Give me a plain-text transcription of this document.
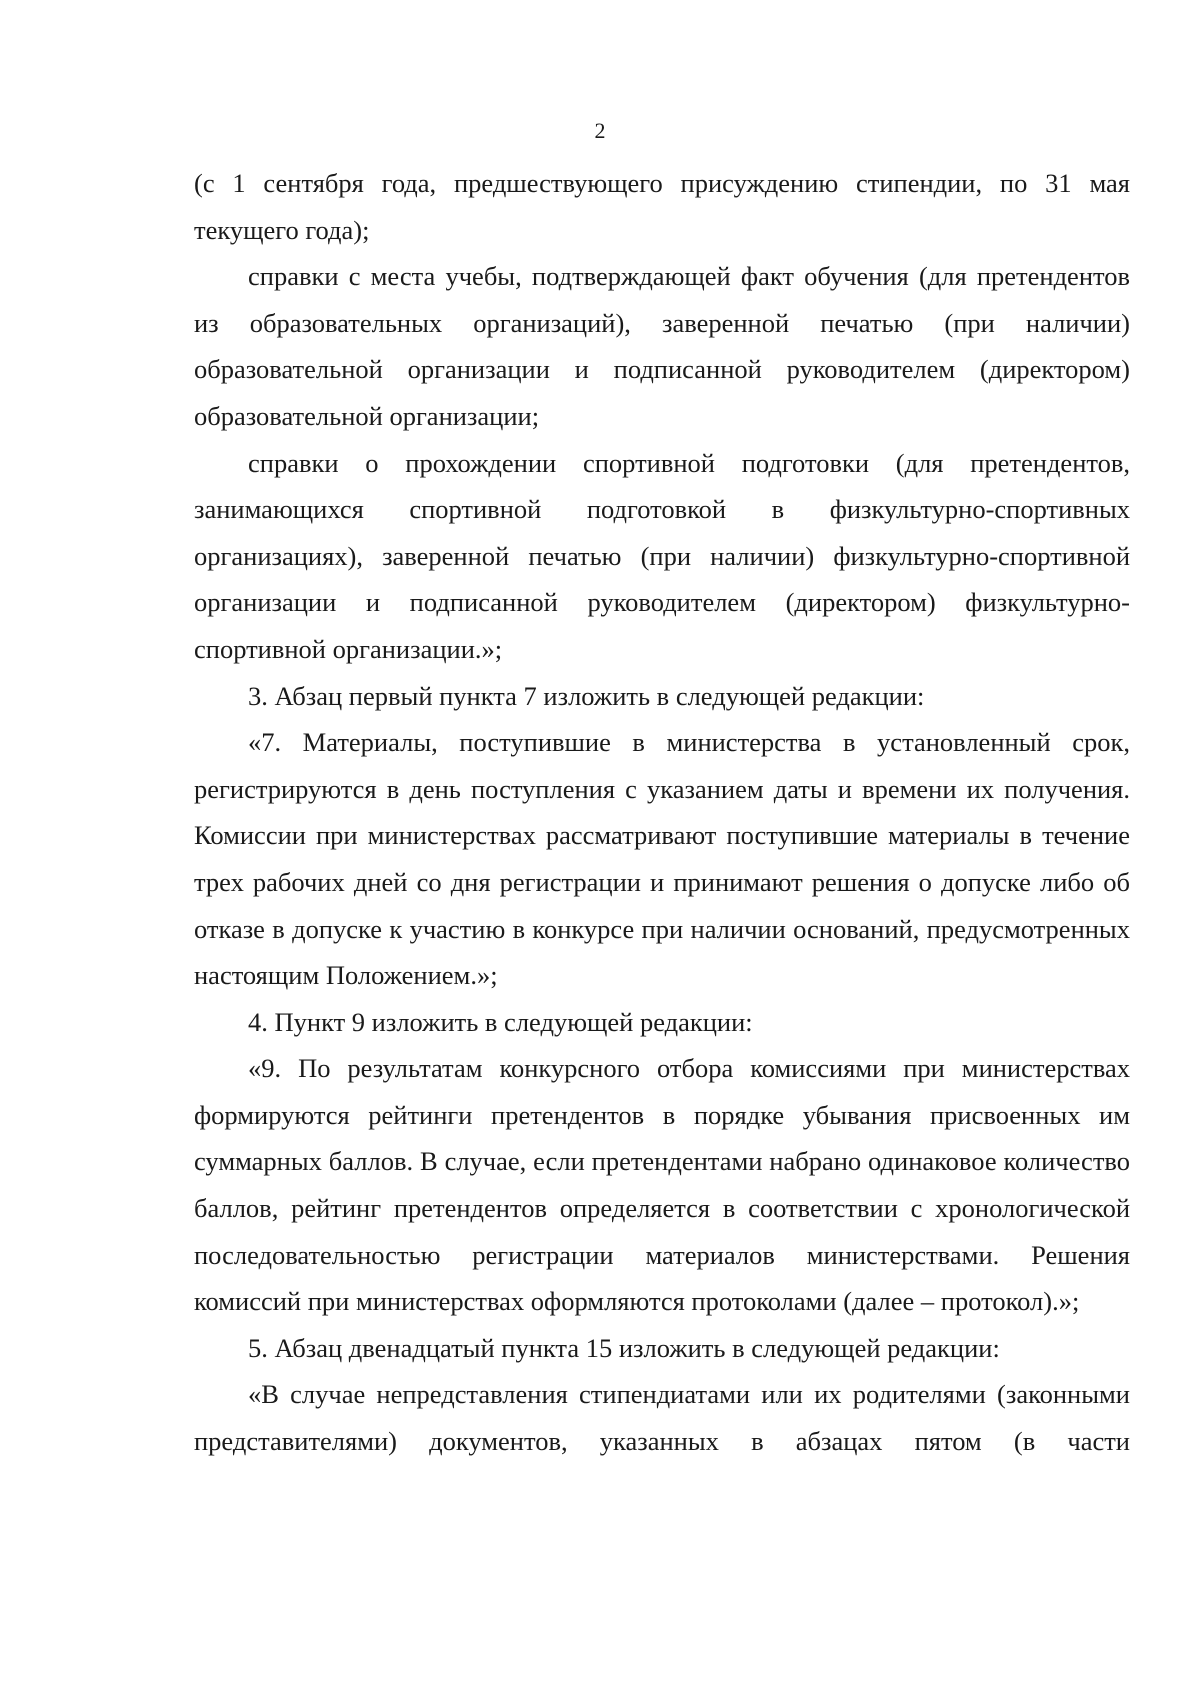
2

(с 1 сентября года, предшествующего присуждению стипендии, по 31 мая текущего года);

справки с места учебы, подтверждающей факт обучения (для претендентов из образовательных организаций), заверенной печатью (при наличии) образовательной организации и подписанной руководителем (директором) образовательной организации;

справки о прохождении спортивной подготовки (для претендентов, занимающихся спортивной подготовкой в физкультурно-спортивных организациях), заверенной печатью (при наличии) физкультурно-спортивной организации и подписанной руководителем (директором) физкультурно-спортивной организации.»;

3. Абзац первый пункта 7 изложить в следующей редакции:

«7. Материалы, поступившие в министерства в установленный срок, регистрируются в день поступления с указанием даты и времени их получения. Комиссии при министерствах рассматривают поступившие материалы в течение трех рабочих дней со дня регистрации и принимают решения о допуске либо об отказе в допуске к участию в конкурсе при наличии оснований, предусмотренных настоящим Положением.»;

4. Пункт 9 изложить в следующей редакции:

«9. По результатам конкурсного отбора комиссиями при министерствах формируются рейтинги претендентов в порядке убывания присвоенных им суммарных баллов. В случае, если претендентами набрано одинаковое количество баллов, рейтинг претендентов определяется в соответствии с хронологической последовательностью регистрации материалов министерствами. Решения комиссий при министерствах оформляются протоколами (далее – протокол).»;

5. Абзац двенадцатый пункта 15 изложить в следующей редакции:

«В случае непредставления стипендиатами или их родителями (законными представителями) документов, указанных в абзацах пятом (в части
